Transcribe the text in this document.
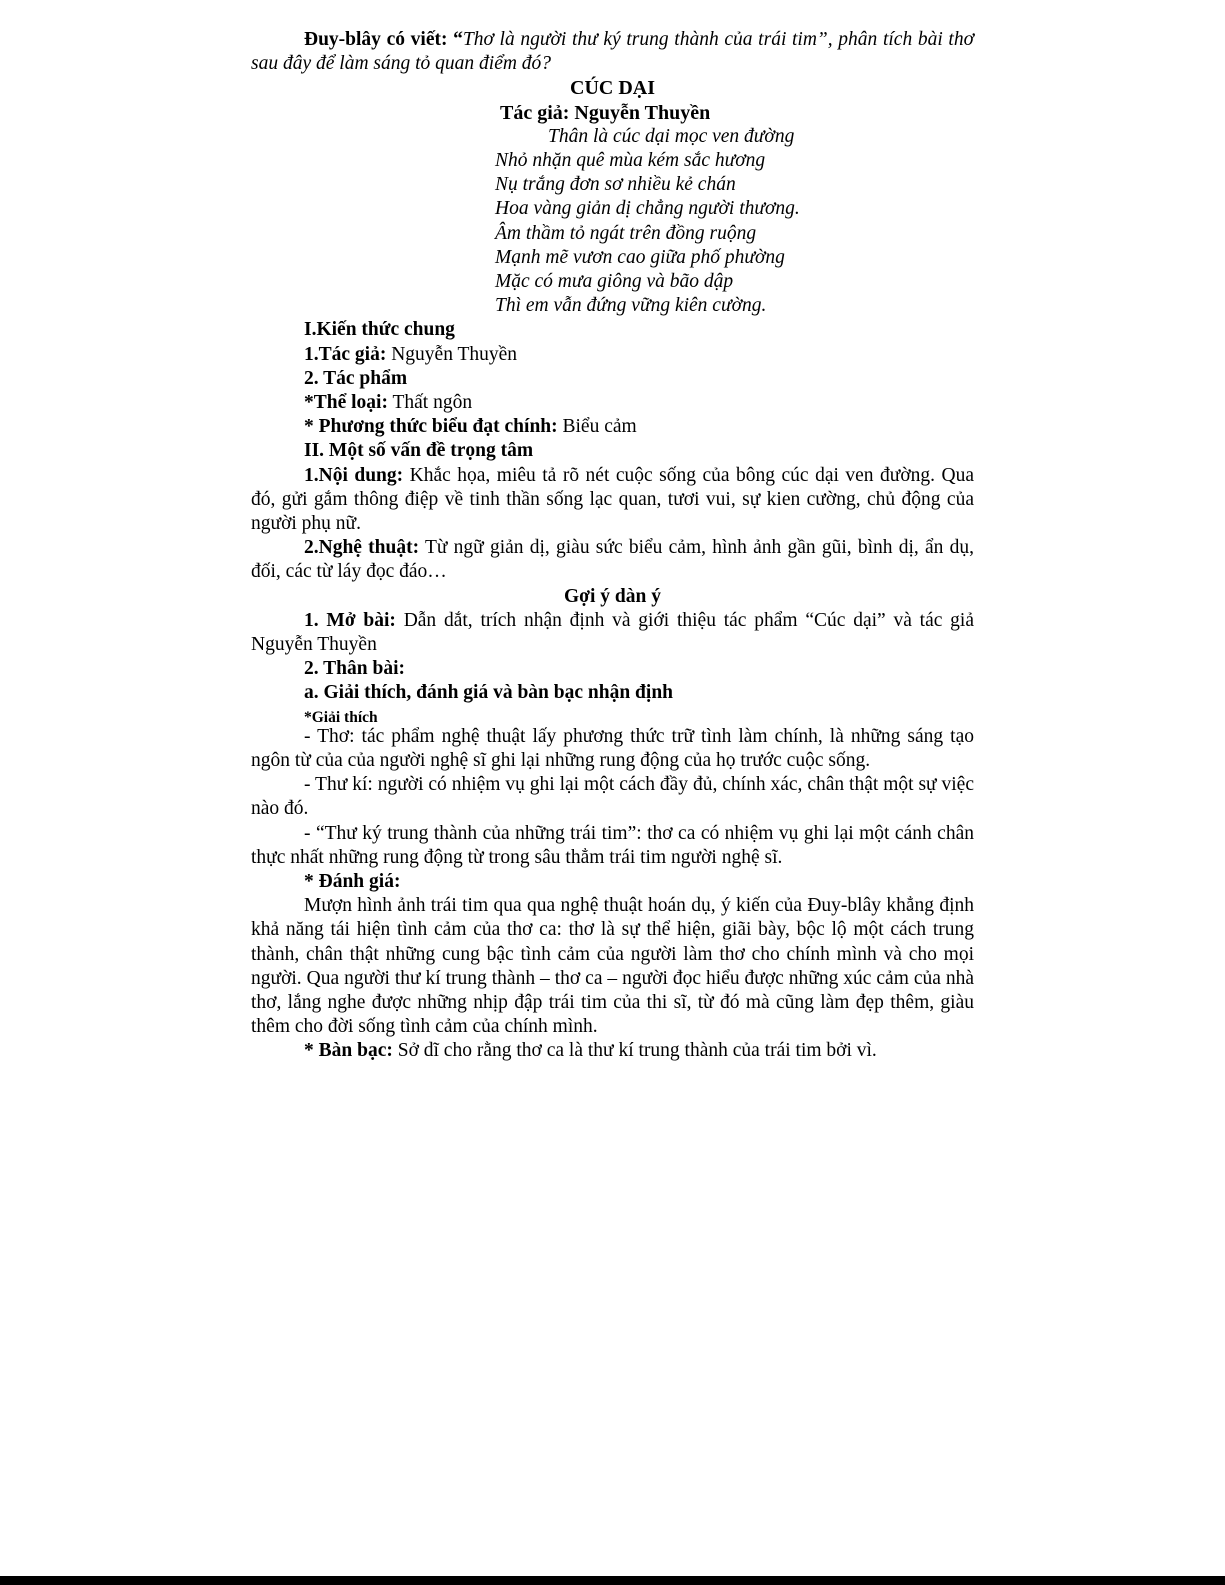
Đuy-blây có viết: “Thơ là người thư ký trung thành của trái tim”, phân tích bài thơ sau đây để làm sáng tỏ quan điểm đó?

CÚC DẠI

Tác giả: Nguyễn Thuyền

Thân là cúc dại mọc ven đường

Nhỏ nhặn quê mùa kém sắc hương

Nụ trắng đơn sơ nhiều kẻ chán

Hoa vàng giản dị chẳng người thương.

Âm thầm tỏ ngát trên đồng ruộng

Mạnh mẽ vươn cao giữa phố phường

Mặc có mưa giông và bão dập

Thì em vẫn đứng vững kiên cường.

I.Kiến thức chung

1.Tác giả: Nguyễn Thuyền

2. Tác phẩm

*Thể loại: Thất ngôn

* Phương thức biểu đạt chính: Biểu cảm

II. Một số vấn đề trọng tâm

1.Nội dung: Khắc họa, miêu tả rõ nét cuộc sống của bông cúc dại ven đường. Qua đó, gửi gắm thông điệp về tinh thần sống lạc quan, tươi vui, sự kien cường, chủ động của người phụ nữ.

2.Nghệ thuật: Từ ngữ giản dị, giàu sức biểu cảm, hình ảnh gần gũi, bình dị, ẩn dụ, đối, các từ láy đọc đáo…

Gợi ý dàn ý

1. Mở bài: Dẫn dắt, trích nhận định và giới thiệu tác phẩm “Cúc dại” và tác giả Nguyễn Thuyền

2. Thân bài:

a. Giải thích, đánh giá và bàn bạc nhận định

*Giải thích

- Thơ: tác phẩm nghệ thuật lấy phương thức trữ tình làm chính, là những sáng tạo ngôn từ của của người nghệ sĩ ghi lại những rung động của họ trước cuộc sống.

- Thư kí: người có nhiệm vụ ghi lại một cách đầy đủ, chính xác, chân thật một sự việc nào đó.

- “Thư ký trung thành của những trái tim”: thơ ca có nhiệm vụ ghi lại một cánh chân thực nhất những rung động từ trong sâu thẳm trái tim người nghệ sĩ.

* Đánh giá:

Mượn hình ảnh trái tim qua qua nghệ thuật hoán dụ, ý kiến của Đuy-blây khẳng định khả năng tái hiện tình cảm của thơ ca: thơ là sự thể hiện, giãi bày, bộc lộ một cách trung thành, chân thật những cung bậc tình cảm của người làm thơ cho chính mình và cho mọi người. Qua người thư kí trung thành – thơ ca – người đọc hiểu được những xúc cảm của nhà thơ, lắng nghe được những nhịp đập trái tim của thi sĩ, từ đó mà cũng làm đẹp thêm, giàu thêm cho đời sống tình cảm của chính mình.

* Bàn bạc: Sở dĩ cho rằng thơ ca là thư kí trung thành của trái tim bởi vì.
